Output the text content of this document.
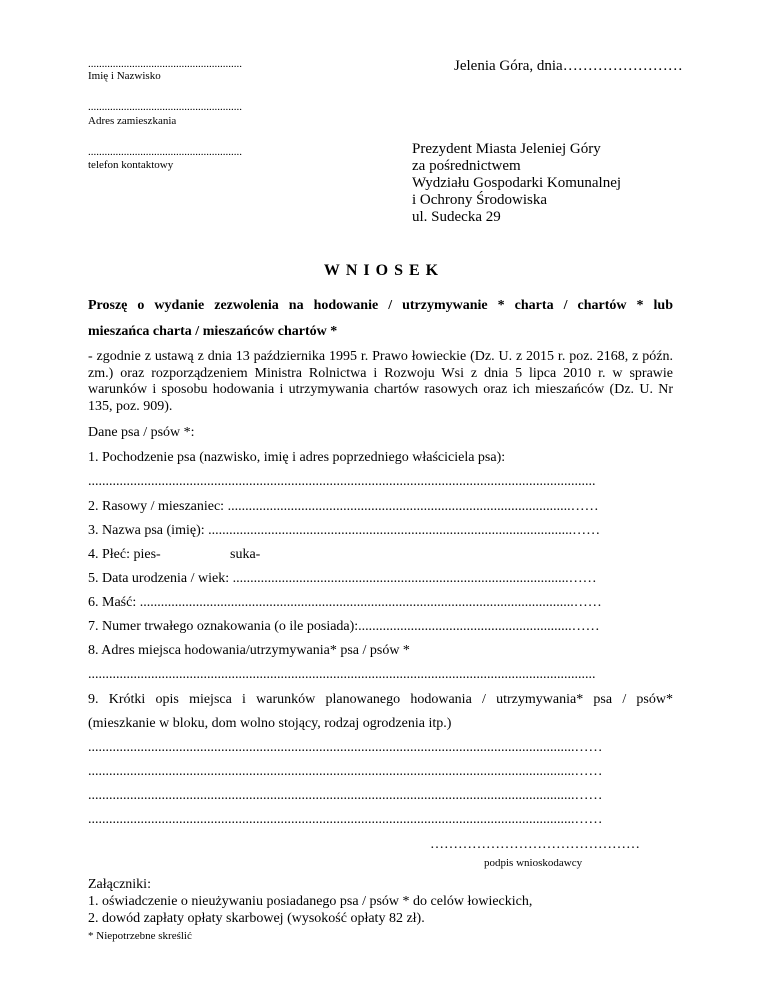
........................................................
Imię i Nazwisko
........................................................
Adres zamieszkania
........................................................
telefon kontaktowy
Jelenia Góra, dnia……………………
Prezydent Miasta Jeleniej Góry
za pośrednictwem
Wydziału Gospodarki Komunalnej
i Ochrony Środowiska
ul. Sudecka 29
WNIOSEK
Proszę o wydanie zezwolenia na hodowanie / utrzymywanie * charta / chartów * lub
mieszańca charta / mieszańców chartów *
- zgodnie z ustawą z dnia 13 października 1995 r. Prawo łowieckie (Dz. U. z 2015 r. poz. 2168, z późn. zm.) oraz rozporządzeniem Ministra Rolnictwa i Rozwoju Wsi z dnia 5 lipca 2010 r. w sprawie warunków i sposobu hodowania i utrzymywania chartów rasowych oraz ich mieszańców (Dz. U. Nr 135, poz. 909).
Dane psa / psów *:
1. Pochodzenie psa (nazwisko, imię i adres poprzedniego właściciela psa):
.................................................................................................................................................
2. Rasowy / mieszaniec: ..................................................................................................……
3. Nazwa psa (imię): ........................................................................................................……
4. Płeć: pies-	suka-
5. Data urodzenia / wiek: ................................................................................................……
6. Maść: ............................................................................................................................……
7. Numer trwałego oznakowania (o ile posiada):.............................................................……
8. Adres miejsca hodowania/utrzymywania* psa / psów *
.................................................................................................................................................
9. Krótki opis miejsca i warunków planowanego hodowania / utrzymywania* psa / psów*
(mieszkanie w bloku, dom wolno stojący, rodzaj ogrodzenia itp.)
...........................................................................................................................................……
...........................................................................................................................................……
...........................................................................................................................................……
...........................................................................................................................................……
………………………………………
podpis wnioskodawcy
Załączniki:
1. oświadczenie o nieużywaniu posiadanego psa / psów * do celów łowieckich,
2. dowód zapłaty opłaty skarbowej (wysokość opłaty 82 zł).
* Niepotrzebne skreślić
